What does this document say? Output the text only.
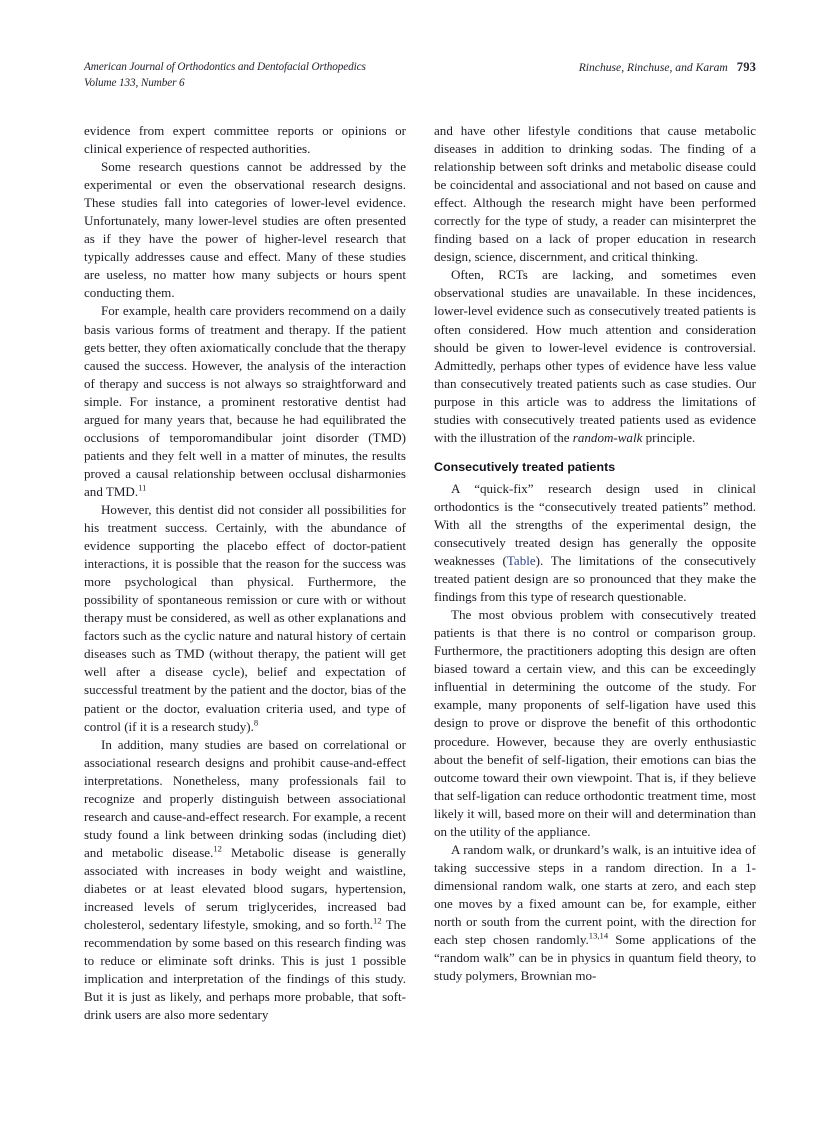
American Journal of Orthodontics and Dentofacial Orthopedics
Volume 133, Number 6
Rinchuse, Rinchuse, and Karam 793

evidence from expert committee reports or opinions or clinical experience of respected authorities.

Some research questions cannot be addressed by the experimental or even the observational research designs. These studies fall into categories of lower-level evidence. Unfortunately, many lower-level studies are often presented as if they have the power of higher-level research that typically addresses cause and effect. Many of these studies are useless, no matter how many subjects or hours spent conducting them.

For example, health care providers recommend on a daily basis various forms of treatment and therapy. If the patient gets better, they often axiomatically conclude that the therapy caused the success. However, the analysis of the interaction of therapy and success is not always so straightforward and simple. For instance, a prominent restorative dentist had argued for many years that, because he had equilibrated the occlusions of temporomandibular joint disorder (TMD) patients and they felt well in a matter of minutes, the results proved a causal relationship between occlusal disharmonies and TMD.$^{11}$

However, this dentist did not consider all possibilities for his treatment success. Certainly, with the abundance of evidence supporting the placebo effect of doctor-patient interactions, it is possible that the reason for the success was more psychological than physical. Furthermore, the possibility of spontaneous remission or cure with or without therapy must be considered, as well as other explanations and factors such as the cyclic nature and natural history of certain diseases such as TMD (without therapy, the patient will get well after a disease cycle), belief and expectation of successful treatment by the patient and the doctor, bias of the patient or the doctor, evaluation criteria used, and type of control (if it is a research study).$^8$

In addition, many studies are based on correlational or associational research designs and prohibit cause-and-effect interpretations. Nonetheless, many professionals fail to recognize and properly distinguish between associational research and cause-and-effect research. For example, a recent study found a link between drinking sodas (including diet) and metabolic disease.$^{12}$ Metabolic disease is generally associated with increases in body weight and waistline, diabetes or at least elevated blood sugars, hypertension, increased levels of serum triglycerides, increased bad cholesterol, sedentary lifestyle, smoking, and so forth.$^{12}$ The recommendation by some based on this research finding was to reduce or eliminate soft drinks. This is just 1 possible implication and interpretation of the findings of this study. But it is just as likely, and perhaps more probable, that soft-drink users are also more sedentary

and have other lifestyle conditions that cause metabolic diseases in addition to drinking sodas. The finding of a relationship between soft drinks and metabolic disease could be coincidental and associational and not based on cause and effect. Although the research might have been performed correctly for the type of study, a reader can misinterpret the finding based on a lack of proper education in research design, science, discernment, and critical thinking.

Often, RCTs are lacking, and sometimes even observational studies are unavailable. In these incidences, lower-level evidence such as consecutively treated patients is often considered. How much attention and consideration should be given to lower-level evidence is controversial. Admittedly, perhaps other types of evidence have less value than consecutively treated patients such as case studies. Our purpose in this article was to address the limitations of studies with consecutively treated patients used as evidence with the illustration of the random-walk principle.

Consecutively treated patients

A “quick-fix” research design used in clinical orthodontics is the “consecutively treated patients” method. With all the strengths of the experimental design, the consecutively treated design has generally the opposite weaknesses (Table). The limitations of the consecutively treated patient design are so pronounced that they make the findings from this type of research questionable.

The most obvious problem with consecutively treated patients is that there is no control or comparison group. Furthermore, the practitioners adopting this design are often biased toward a certain view, and this can be exceedingly influential in determining the outcome of the study. For example, many proponents of self-ligation have used this design to prove or disprove the benefit of this orthodontic procedure. However, because they are overly enthusiastic about the benefit of self-ligation, their emotions can bias the outcome toward their own viewpoint. That is, if they believe that self-ligation can reduce orthodontic treatment time, most likely it will, based more on their will and determination than on the utility of the appliance.

A random walk, or drunkard’s walk, is an intuitive idea of taking successive steps in a random direction. In a 1-dimensional random walk, one starts at zero, and each step one moves by a fixed amount can be, for example, either north or south from the current point, with the direction for each step chosen randomly.$^{13,14}$ Some applications of the “random walk” can be in physics in quantum field theory, to study polymers, Brownian mo-
